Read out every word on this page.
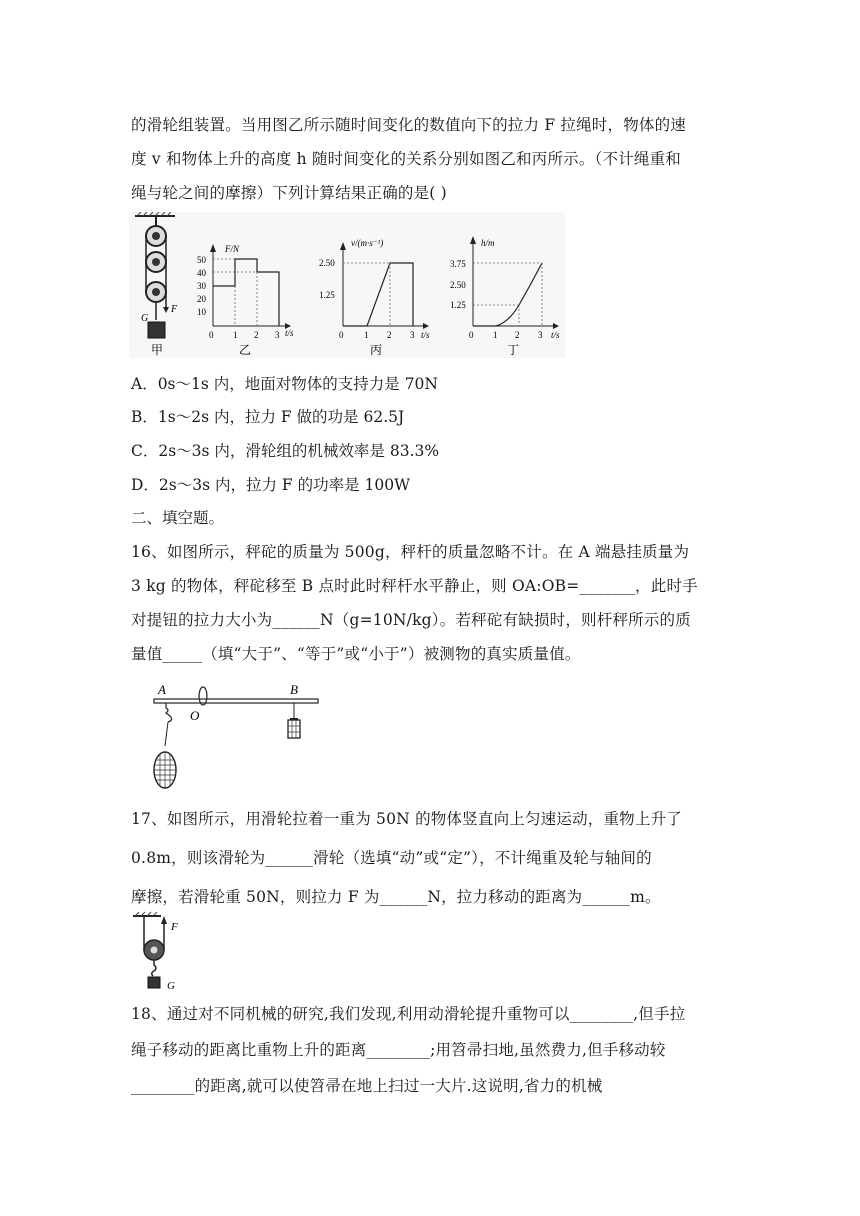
的滑轮组装置。当用图乙所示随时间变化的数值向下的拉力 F 拉绳时，物体的速
度 v 和物体上升的高度 h 随时间变化的关系分别如图乙和丙所示。（不计绳重和
绳与轮之间的摩擦）下列计算结果正确的是( )
F
G
甲
F/N
t/s
50
40
30
20
10
0 1 2 3
乙
v/(m·s⁻¹)
t/s
2.50
1.25
0 1 2 3
丙
h/m
t/s
3.75
2.50
1.25
0 1 2 3
丁
A．0s～1s 内，地面对物体的支持力是 70N
B．1s～2s 内，拉力 F 做的功是 62.5J
C．2s～3s 内，滑轮组的机械效率是 83.3%
D．2s～3s 内，拉力 F 的功率是 100W
二、填空题。
16、如图所示，秤砣的质量为 500g，秤杆的质量忽略不计。在 A 端悬挂质量为
3 kg 的物体，秤砣移至 B 点时此时秤杆水平静止，则 OA:OB=_______，此时手
对提钮的拉力大小为______N（g=10N/kg）。若秤砣有缺损时，则杆秤所示的质
量值_____（填“大于”、“等于”或“小于”）被测物的真实质量值。
A
O
B
17、如图所示，用滑轮拉着一重为 50N 的物体竖直向上匀速运动，重物上升了
0.8m，则该滑轮为______滑轮（选填“动”或“定”），不计绳重及轮与轴间的
摩擦，若滑轮重 50N，则拉力 F 为______N，拉力移动的距离为______m。
F
G
18、通过对不同机械的研究,我们发现,利用动滑轮提升重物可以________,但手拉
绳子移动的距离比重物上升的距离________;用笤帚扫地,虽然费力,但手移动较
________的距离,就可以使笤帚在地上扫过一大片.这说明,省力的机械
